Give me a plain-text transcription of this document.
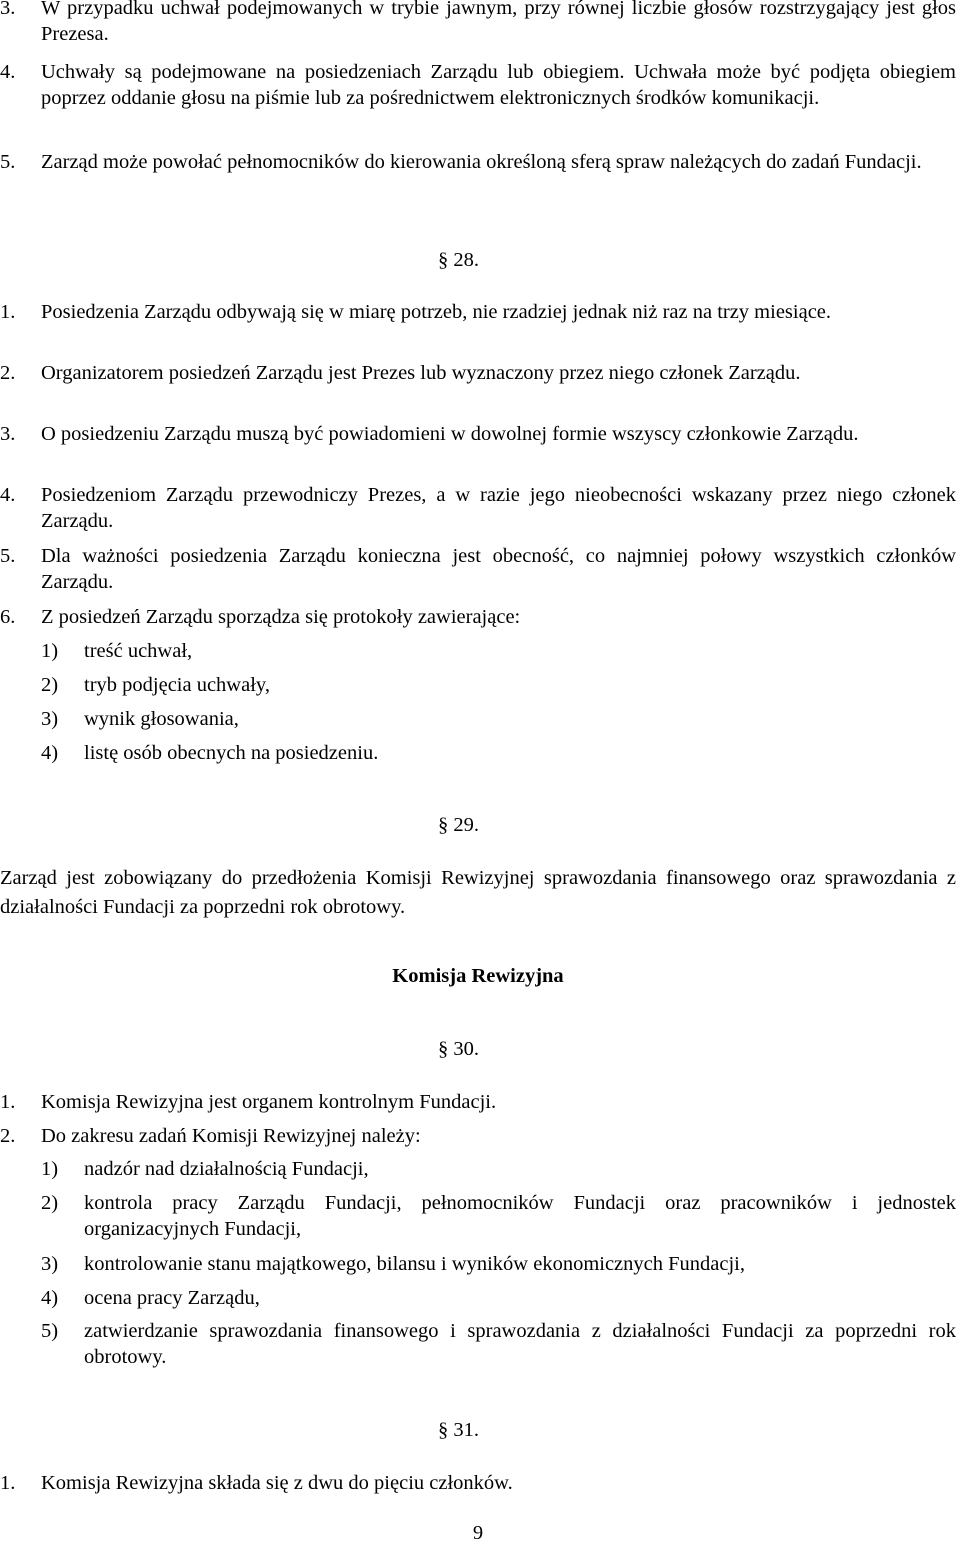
3. W przypadku uchwał podejmowanych w trybie jawnym, przy równej liczbie głosów rozstrzygający jest głos Prezesa.
4. Uchwały są podejmowane na posiedzeniach Zarządu lub obiegiem. Uchwała może być podjęta obiegiem poprzez oddanie głosu na piśmie lub za pośrednictwem elektronicznych środków komunikacji.
5. Zarząd może powołać pełnomocników do kierowania określoną sferą spraw należących do zadań Fundacji.
§ 28.
1. Posiedzenia Zarządu odbywają się w miarę potrzeb, nie rzadziej jednak niż raz na trzy miesiące.
2. Organizatorem posiedzeń Zarządu jest Prezes lub wyznaczony przez niego członek Zarządu.
3. O posiedzeniu Zarządu muszą być powiadomieni w dowolnej formie wszyscy członkowie Zarządu.
4. Posiedzeniom Zarządu przewodniczy Prezes, a w razie jego nieobecności wskazany przez niego członek Zarządu.
5. Dla ważności posiedzenia Zarządu konieczna jest obecność, co najmniej połowy wszystkich członków Zarządu.
6. Z posiedzeń Zarządu sporządza się protokoły zawierające:
1) treść uchwał,
2) tryb podjęcia uchwały,
3) wynik głosowania,
4) listę osób obecnych na posiedzeniu.
§ 29.
Zarząd jest zobowiązany do przedłożenia Komisji Rewizyjnej sprawozdania finansowego oraz sprawozdania z działalności Fundacji za poprzedni rok obrotowy.
Komisja Rewizyjna
§ 30.
1. Komisja Rewizyjna jest organem kontrolnym Fundacji.
2. Do zakresu zadań Komisji Rewizyjnej należy:
1) nadzór nad działalnością Fundacji,
2) kontrola pracy Zarządu Fundacji, pełnomocników Fundacji oraz pracowników i jednostek organizacyjnych Fundacji,
3) kontrolowanie stanu majątkowego, bilansu i wyników ekonomicznych Fundacji,
4) ocena pracy Zarządu,
5) zatwierdzanie sprawozdania finansowego i sprawozdania z działalności Fundacji za poprzedni rok obrotowy.
§ 31.
1. Komisja Rewizyjna składa się z dwu do pięciu członków.
9
